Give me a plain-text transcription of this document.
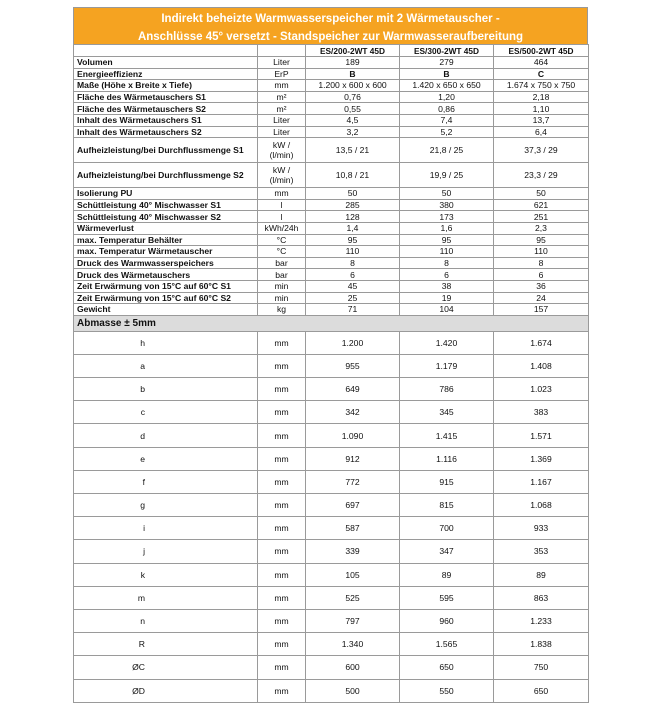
Indirekt beheizte Warmwasserspeicher mit 2 Wärmetauscher -
Anschlüsse 45° versetzt - Standspeicher zur Warmwasseraufbereitung
		ES/200-2WT 45D	ES/300-2WT 45D	ES/500-2WT 45D
Volumen	Liter	189	279	464
Energieeffizienz	ErP	B	B	C
Maße (Höhe x Breite x Tiefe)	mm	1.200 x 600 x 600	1.420 x 650 x 650	1.674 x 750 x 750
Fläche des Wärmetauschers S1	m²	0,76	1,20	2,18
Fläche des Wärmetauschers S2	m²	0,55	0,86	1,10
Inhalt des Wärmetauschers S1	Liter	4,5	7,4	13,7
Inhalt des Wärmetauschers S2	Liter	3,2	5,2	6,4
Aufheizleistung/bei Durchflussmenge S1	kW / (l/min)	13,5 / 21	21,8 / 25	37,3 / 29
Aufheizleistung/bei Durchflussmenge S2	kW / (l/min)	10,8 / 21	19,9 / 25	23,3 / 29
Isolierung PU	mm	50	50	50
Schüttleistung 40° Mischwasser S1	l	285	380	621
Schüttleistung 40° Mischwasser S2	l	128	173	251
Wärmeverlust	kWh/24h	1,4	1,6	2,3
max. Temperatur Behälter	°C	95	95	95
max. Temperatur Wärmetauscher	°C	110	110	110
Druck des Warmwasserspeichers	bar	8	8	8
Druck des Wärmetauschers	bar	6	6	6
Zeit Erwärmung von 15°C auf 60°C S1	min	45	38	36
Zeit Erwärmung von 15°C auf 60°C S2	min	25	19	24
Gewicht	kg	71	104	157
Abmasse ± 5mm				
h	mm	1.200	1.420	1.674
a	mm	955	1.179	1.408
b	mm	649	786	1.023
c	mm	342	345	383
d	mm	1.090	1.415	1.571
e	mm	912	1.116	1.369
f	mm	772	915	1.167
g	mm	697	815	1.068
i	mm	587	700	933
j	mm	339	347	353
k	mm	105	89	89
m	mm	525	595	863
n	mm	797	960	1.233
R	mm	1.340	1.565	1.838
ØC	mm	600	650	750
ØD	mm	500	550	650
